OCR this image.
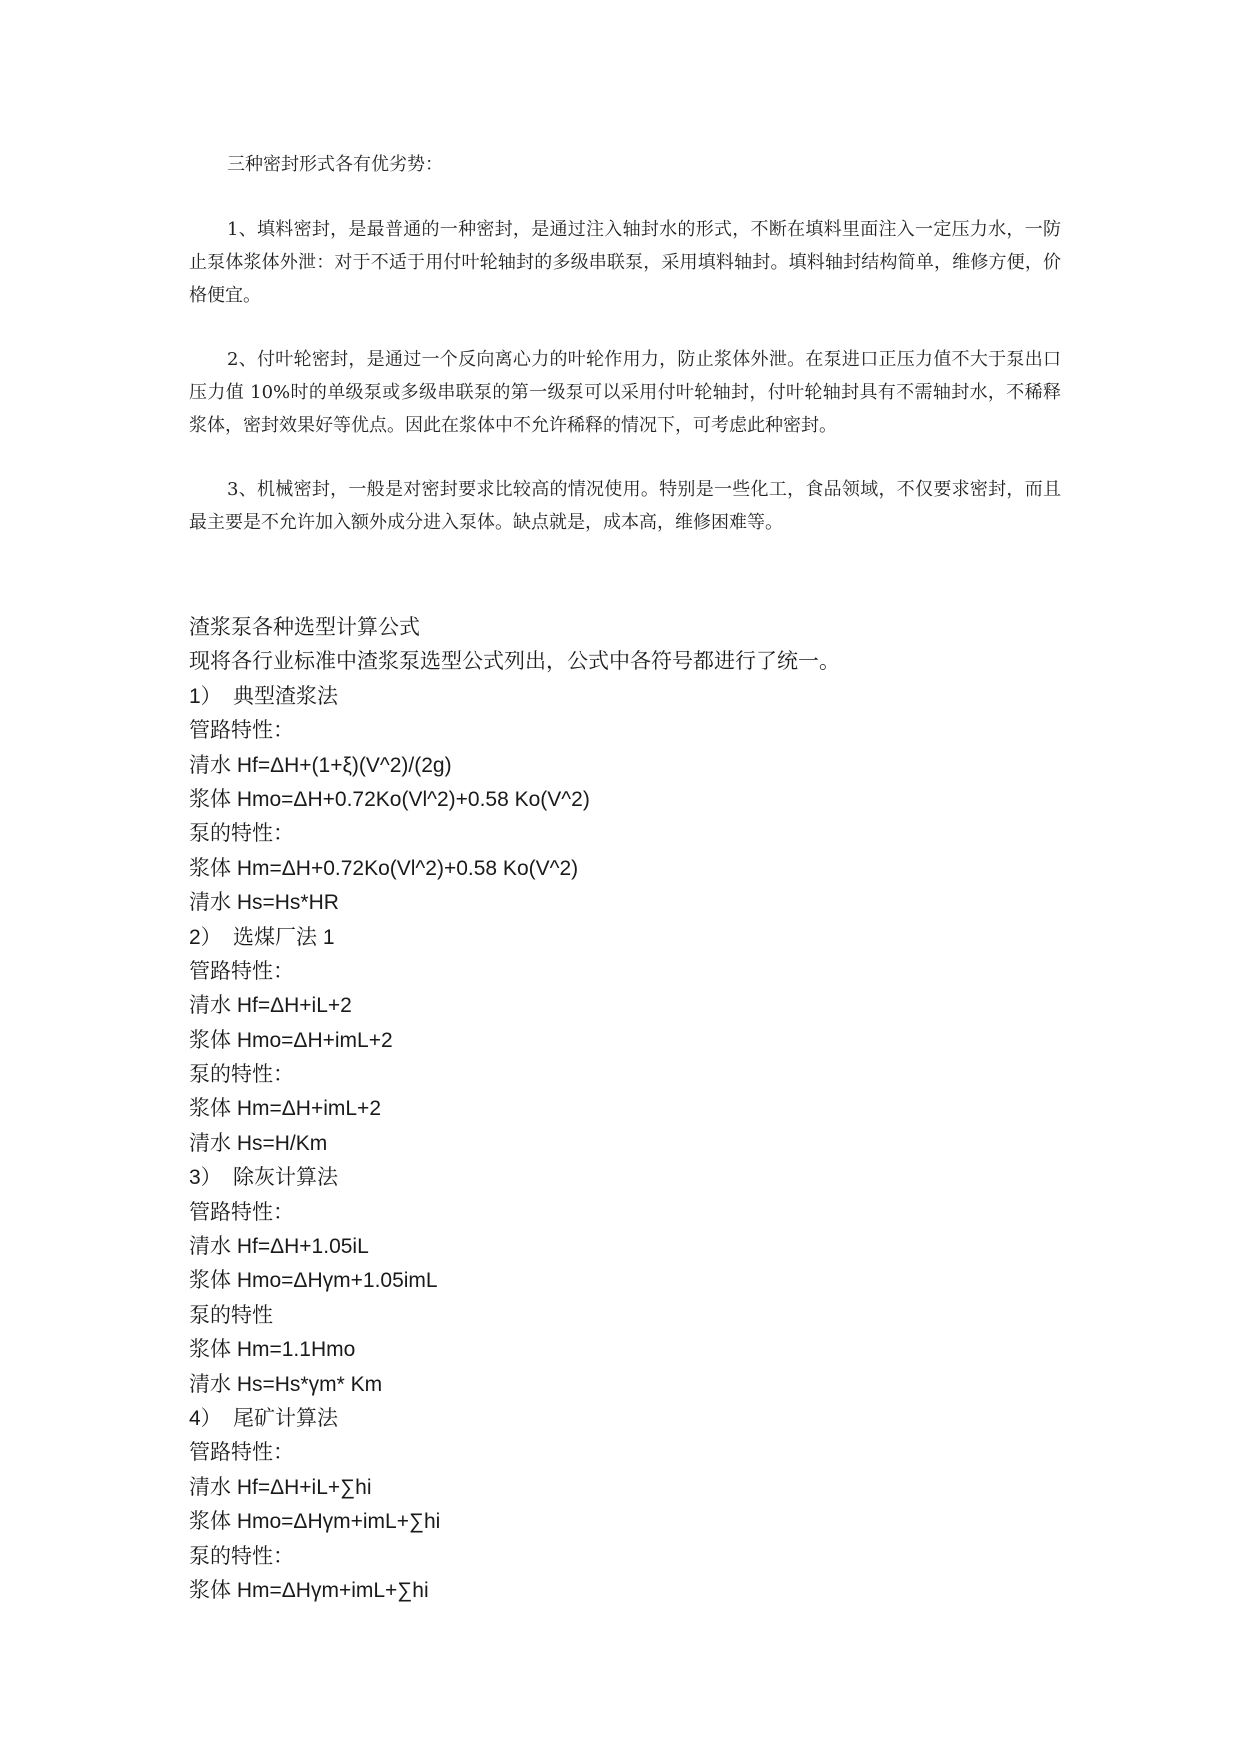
三种密封形式各有优劣势：

1、填料密封，是最普通的一种密封，是通过注入轴封水的形式，不断在填料里面注入一定压力水，一防止泵体浆体外泄：对于不适于用付叶轮轴封的多级串联泵，采用填料轴封。填料轴封结构简单，维修方便，价格便宜。

2、付叶轮密封，是通过一个反向离心力的叶轮作用力，防止浆体外泄。在泵进口正压力值不大于泵出口压力值 10%时的单级泵或多级串联泵的第一级泵可以采用付叶轮轴封，付叶轮轴封具有不需轴封水，不稀释浆体，密封效果好等优点。因此在浆体中不允许稀释的情况下，可考虑此种密封。

3、机械密封，一般是对密封要求比较高的情况使用。特别是一些化工，食品领域，不仅要求密封，而且最主要是不允许加入额外成分进入泵体。缺点就是，成本高，维修困难等。

渣浆泵各种选型计算公式

现将各行业标准中渣浆泵选型公式列出，公式中各符号都进行了统一。

1） 典型渣浆法

管路特性：

清水 Hf=ΔH+(1+ξ)(V^2)/(2g)

浆体 Hmo=ΔH+0.72Ko(Vl^2)+0.58 Ko(V^2)

泵的特性：

浆体 Hm=ΔH+0.72Ko(Vl^2)+0.58 Ko(V^2)

清水 Hs=Hs*HR

2） 选煤厂法 1

管路特性：

清水 Hf=ΔH+iL+2

浆体 Hmo=ΔH+imL+2

泵的特性：

浆体 Hm=ΔH+imL+2

清水 Hs=H/Km

3） 除灰计算法

管路特性：

清水 Hf=ΔH+1.05iL

浆体 Hmo=ΔHγm+1.05imL

泵的特性

浆体 Hm=1.1Hmo

清水 Hs=Hs*γm* Km

4） 尾矿计算法

管路特性：

清水 Hf=ΔH+iL+∑hi

浆体 Hmo=ΔHγm+imL+∑hi

泵的特性：

浆体 Hm=ΔHγm+imL+∑hi
